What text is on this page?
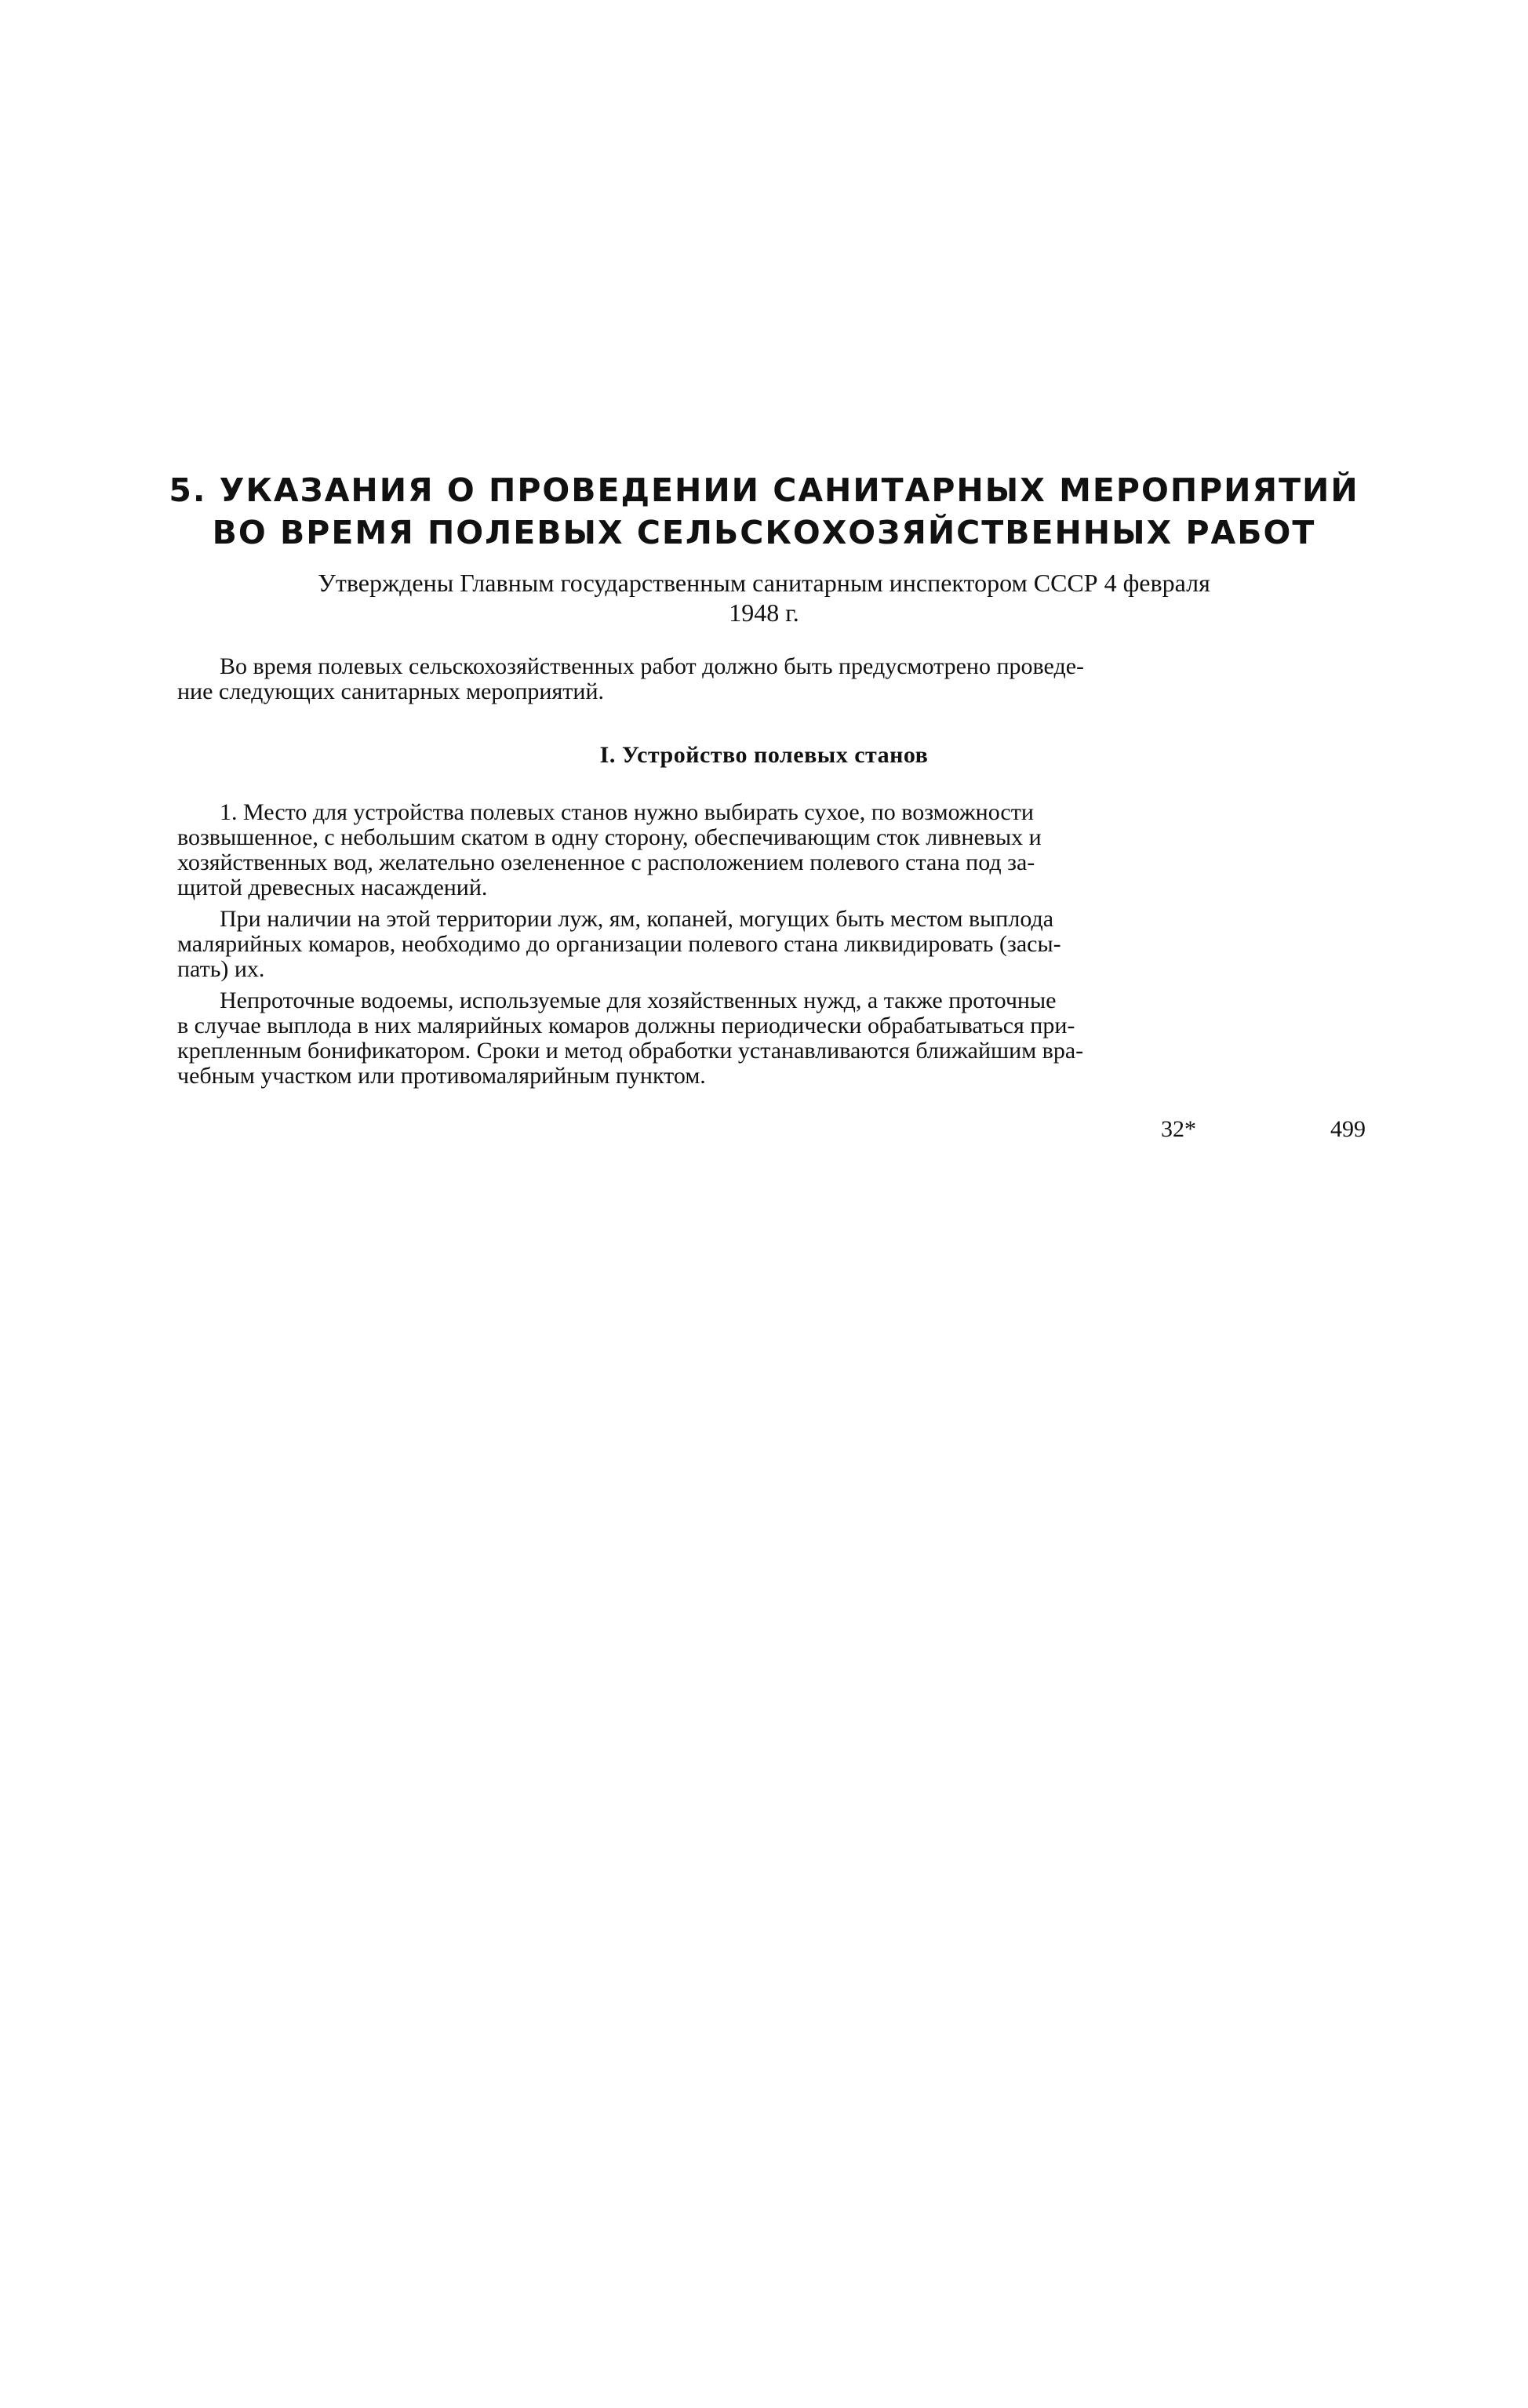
5. УКАЗАНИЯ О ПРОВЕДЕНИИ САНИТАРНЫХ МЕРОПРИЯТИЙ
ВО ВРЕМЯ ПОЛЕВЫХ СЕЛЬСКОХОЗЯЙСТВЕННЫХ РАБОТ
Утверждены Главным государственным санитарным инспектором СССР 4 февраля
1948 г.
Во время полевых сельскохозяйственных работ должно быть предусмотрено проведе-
ние следующих санитарных мероприятий.
I. Устройство полевых станов
1. Место для устройства полевых станов нужно выбирать сухое, по возможности
возвышенное, с небольшим скатом в одну сторону, обеспечивающим сток ливневых и
хозяйственных вод, желательно озелененное с расположением полевого стана под за-
щитой древесных насаждений.
При наличии на этой территории луж, ям, копаней, могущих быть местом выплода
малярийных комаров, необходимо до организации полевого стана ликвидировать (засы-
пать) их.
Непроточные водоемы, используемые для хозяйственных нужд, а также проточные
в случае выплода в них малярийных комаров должны периодически обрабатываться при-
крепленным бонификатором. Сроки и метод обработки устанавливаются ближайшим вра-
чебным участком или противомалярийным пунктом.
32*	499
